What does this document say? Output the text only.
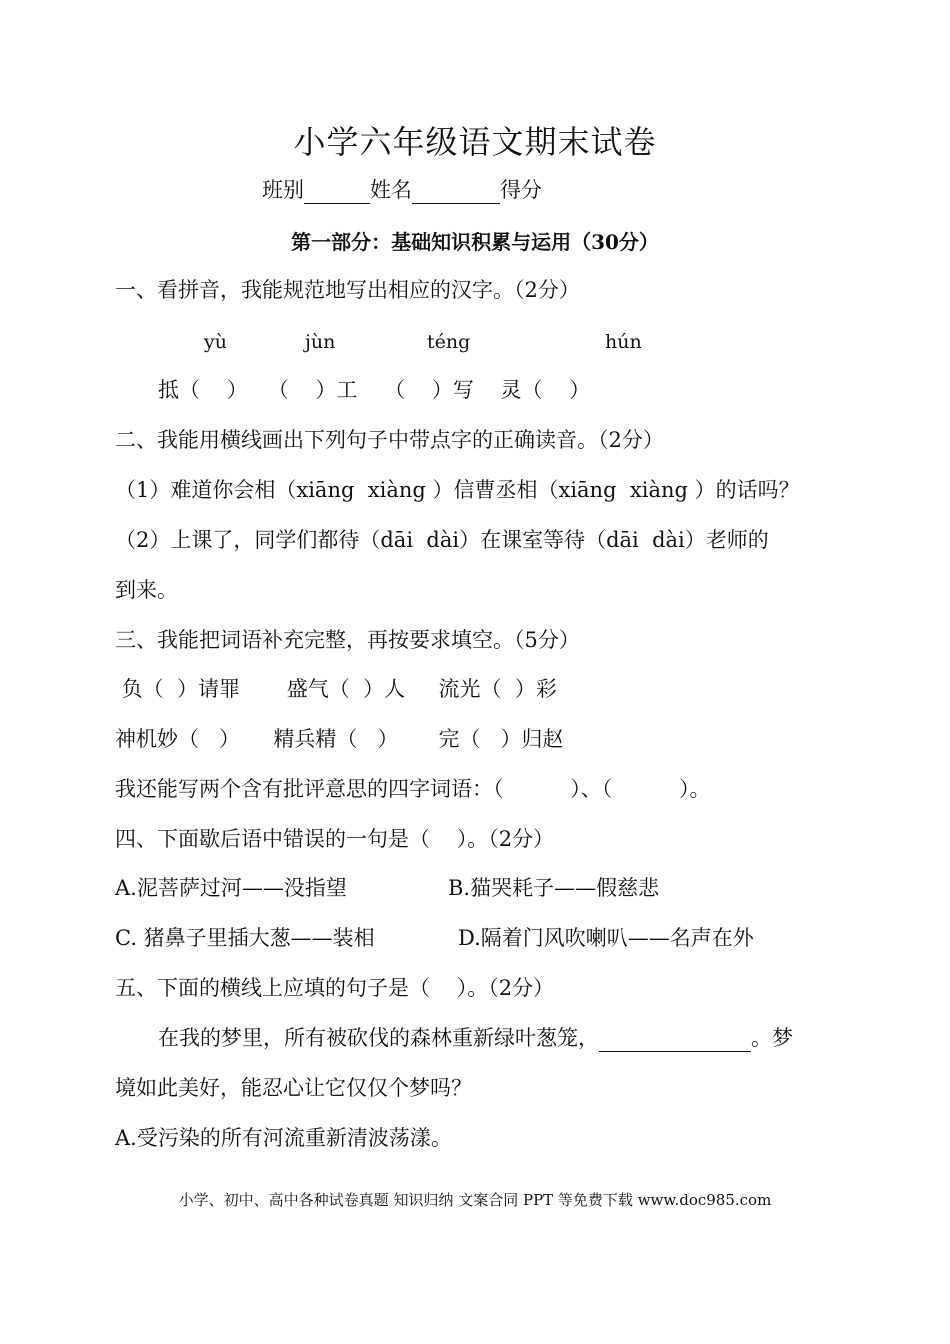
小学六年级语文期末试卷
班别	姓名	得分
第一部分：基础知识积累与运用（30分）
一、看拼音，我能规范地写出相应的汉字。（2分）
yù	jùn	téng	hún
抵（    ）   （    ）工    （    ）写    灵（    ）
二、我能用横线画出下列句子中带点字的正确读音。（2分）
（1）难道你会相（xiāng  xiàng ）信曹丞相（xiāng  xiàng ）的话吗？
（2）上课了，同学们都待（dāi  dài）在课室等待（dāi  dài）老师的
到来。
三、我能把词语补充完整，再按要求填空。（5分）
负（  ）请罪       盛气（  ）人     流光（  ）彩
神机妙（   ）     精兵精（   ）      完（   ）归赵
我还能写两个含有批评意思的四字词语：（          ）、（          ）。
四、下面歇后语中错误的一句是（    ）。（2分）
A.泥菩萨过河——没指望	B.猫哭耗子——假慈悲
C. 猪鼻子里插大葱——装相	D.隔着门风吹喇叭——名声在外
五、下面的横线上应填的句子是（    ）。（2分）
在我的梦里，所有被砍伐的森林重新绿叶葱笼，	。梦
境如此美好，能忍心让它仅仅个梦吗？
A.受污染的所有河流重新清波荡漾。
小学、初中、高中各种试卷真题 知识归纳 文案合同 PPT 等免费下载 www.doc985.com
